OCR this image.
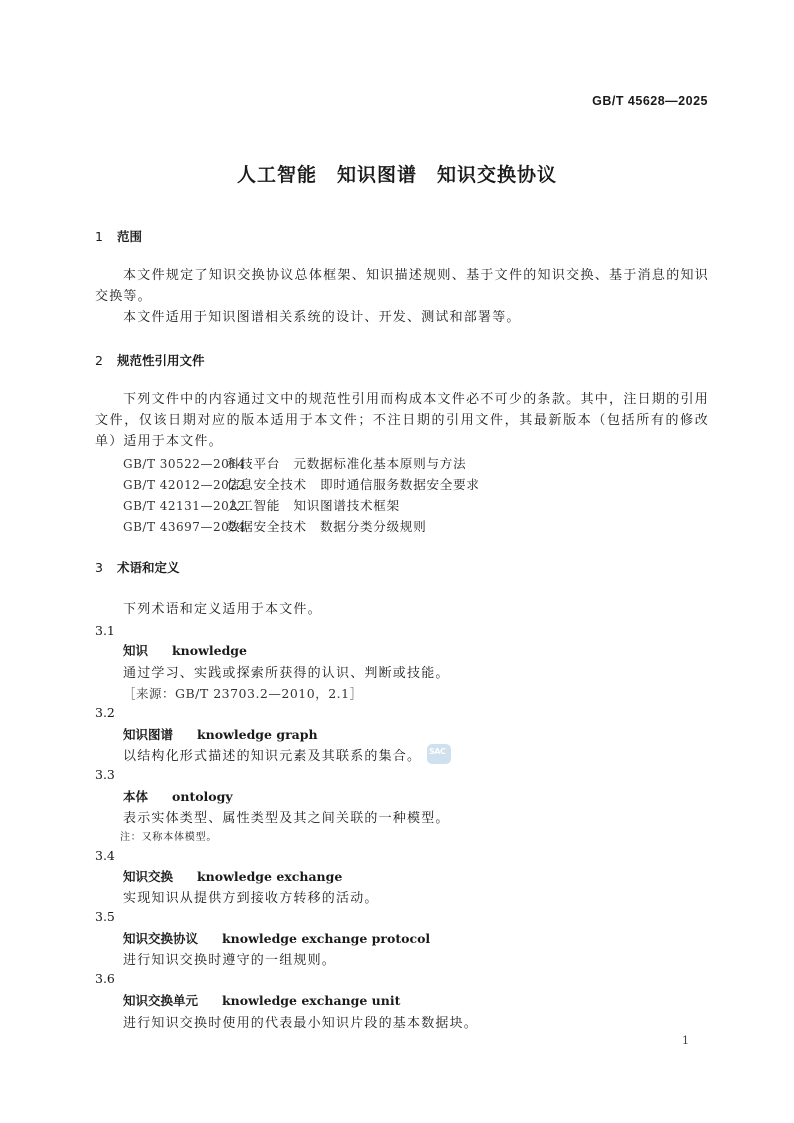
GB/T 45628—2025
人工智能　知识图谱　知识交换协议
1 范围
本文件规定了知识交换协议总体框架、知识描述规则、基于文件的知识交换、基于消息的知识交换等。
本文件适用于知识图谱相关系统的设计、开发、测试和部署等。
2 规范性引用文件
下列文件中的内容通过文中的规范性引用而构成本文件必不可少的条款。其中，注日期的引用文件，仅该日期对应的版本适用于本文件；不注日期的引用文件，其最新版本（包括所有的修改单）适用于本文件。
GB/T 30522—2014科技平台　元数据标准化基本原则与方法
GB/T 42012—2022信息安全技术　即时通信服务数据安全要求
GB/T 42131—2022人工智能　知识图谱技术框架
GB/T 43697—2024数据安全技术　数据分类分级规则
3 术语和定义
下列术语和定义适用于本文件。
3.1
知识 knowledge
通过学习、实践或探索所获得的认识、判断或技能。
［来源：GB/T 23703.2—2010，2.1］
3.2
知识图谱 knowledge graph
以结构化形式描述的知识元素及其联系的集合。
3.3
本体 ontology
表示实体类型、属性类型及其之间关联的一种模型。
注：又称本体模型。
3.4
知识交换 knowledge exchange
实现知识从提供方到接收方转移的活动。
3.5
知识交换协议 knowledge exchange protocol
进行知识交换时遵守的一组规则。
3.6
知识交换单元 knowledge exchange unit
进行知识交换时使用的代表最小知识片段的基本数据块。
SAC
1
